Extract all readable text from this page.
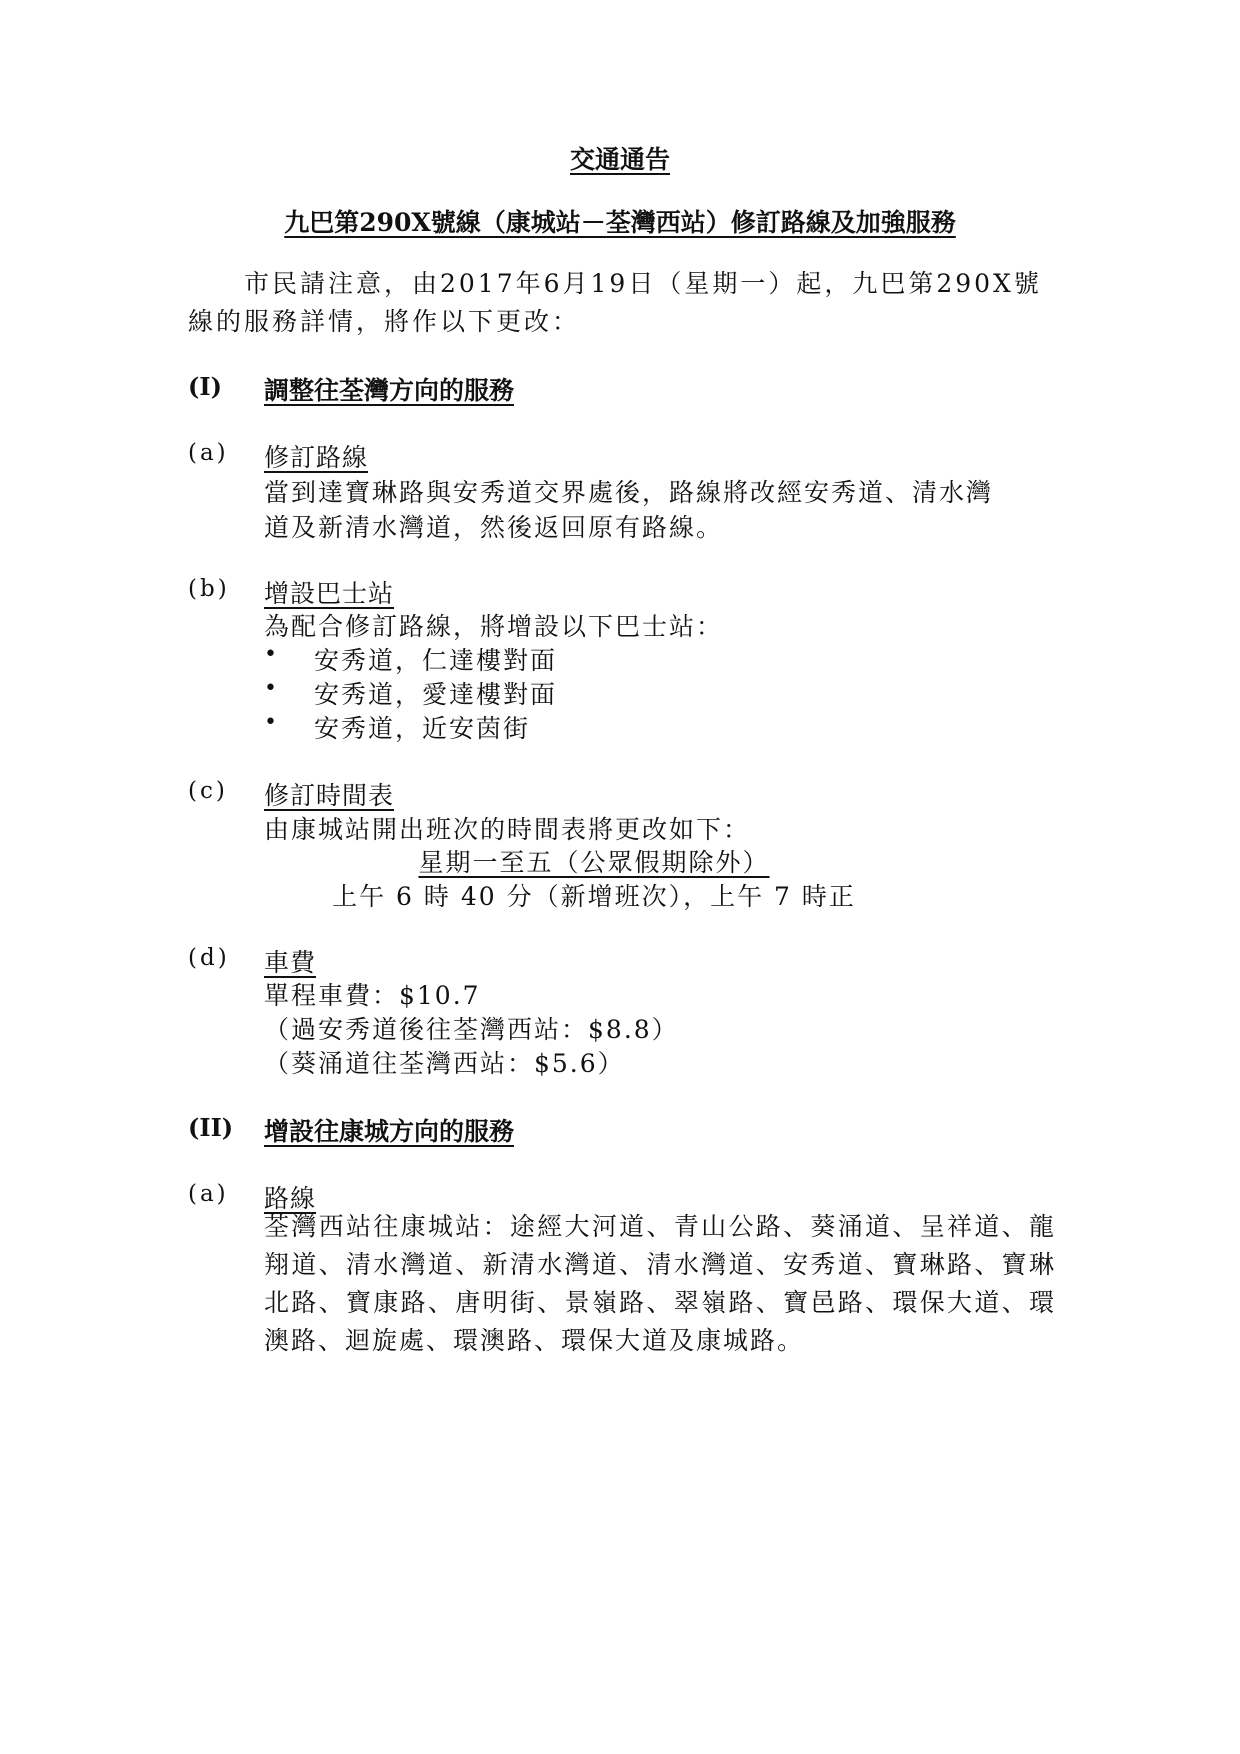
交通通告
九巴第290X號線（康城站－荃灣西站）修訂路線及加強服務
市民請注意，由2017年6月19日（星期一）起，九巴第290X號線的服務詳情，將作以下更改：
(I) 調整往荃灣方向的服務
(a) 修訂路線
當到達寶琳路與安秀道交界處後，路線將改經安秀道、清水灣
道及新清水灣道，然後返回原有路線。
(b) 增設巴士站
為配合修訂路線，將增設以下巴士站：
• 安秀道，仁達樓對面
• 安秀道，愛達樓對面
• 安秀道，近安茵街
(c) 修訂時間表
由康城站開出班次的時間表將更改如下：
星期一至五（公眾假期除外）
上午 6 時 40 分（新增班次），上午 7 時正
(d) 車費
單程車費：$10.7
（過安秀道後往荃灣西站：$8.8）
（葵涌道往荃灣西站：$5.6）
(II) 增設往康城方向的服務
(a) 路線
荃灣西站往康城站：途經大河道、青山公路、葵涌道、呈祥道、龍翔道、清水灣道、新清水灣道、清水灣道、安秀道、寶琳路、寶琳北路、寶康路、唐明街、景嶺路、翠嶺路、寶邑路、環保大道、環澳路、迴旋處、環澳路、環保大道及康城路。
